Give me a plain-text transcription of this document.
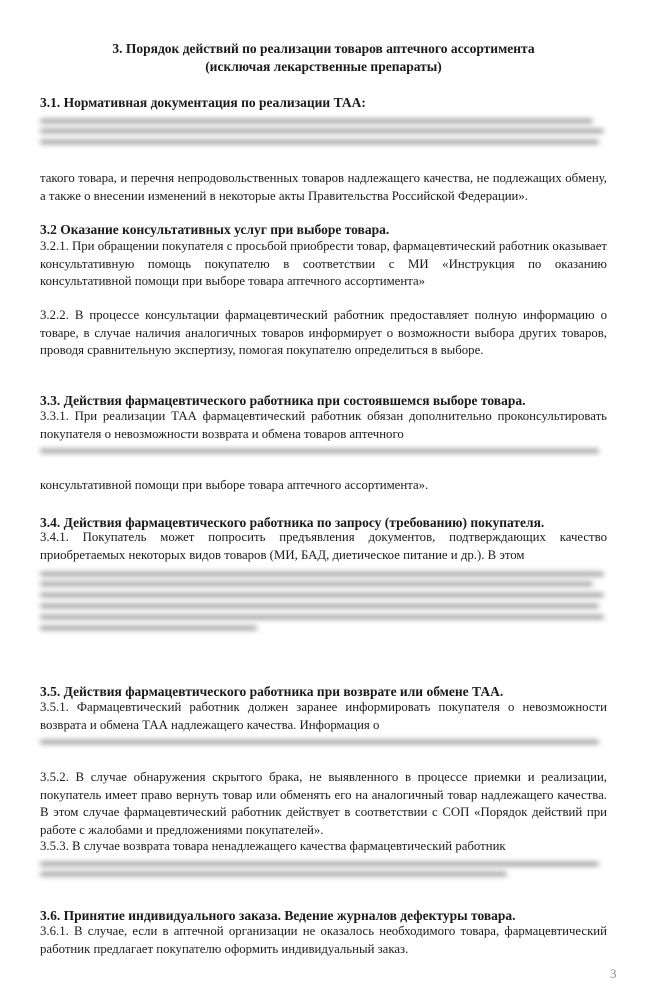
3. Порядок действий по реализации товаров аптечного ассортимента
(исключая лекарственные препараты)
3.1. Нормативная документация по реализации ТАА:
такого товара, и перечня непродовольственных товаров надлежащего качества, не подлежащих обмену, а также о внесении изменений в некоторые акты Правительства Российской Федерации».
3.2 Оказание консультативных услуг при выборе товара.
3.2.1. При обращении покупателя с просьбой приобрести товар, фармацевтический работник оказывает консультативную помощь покупателю в соответствии с МИ «Инструкция по оказанию консультативной помощи при выборе товара аптечного ассортимента»
3.2.2. В процессе консультации фармацевтический работник предоставляет полную информацию о товаре, в случае наличия аналогичных товаров информирует о возможности выбора других товаров, проводя сравнительную экспертизу, помогая покупателю определиться в выборе.
3.3. Действия фармацевтического работника при состоявшемся выборе товара.
3.3.1. При реализации ТАА фармацевтический работник обязан дополнительно проконсультировать покупателя о невозможности возврата и обмена товаров аптечного
консультативной помощи при выборе товара аптечного ассортимента».
3.4. Действия фармацевтического работника по запросу (требованию) покупателя.
3.4.1. Покупатель может попросить предъявления документов, подтверждающих качество приобретаемых некоторых видов товаров (МИ, БАД, диетическое питание и др.). В этом
3.5. Действия фармацевтического работника при возврате или обмене ТАА.
3.5.1. Фармацевтический работник должен заранее информировать покупателя о невозможности возврата и обмена ТАА надлежащего качества. Информация о
3.5.2. В случае обнаружения скрытого брака, не выявленного в процессе приемки и реализации, покупатель имеет право вернуть товар или обменять его на аналогичный товар надлежащего качества. В этом случае фармацевтический работник действует в соответствии с СОП «Порядок действий при работе с жалобами и предложениями покупателей».
3.5.3. В случае возврата товара ненадлежащего качества фармацевтический работник
3.6. Принятие индивидуального заказа. Ведение журналов дефектуры товара.
3.6.1. В случае, если в аптечной организации не оказалось необходимого товара, фармацевтический работник предлагает покупателю оформить индивидуальный заказ.
3
